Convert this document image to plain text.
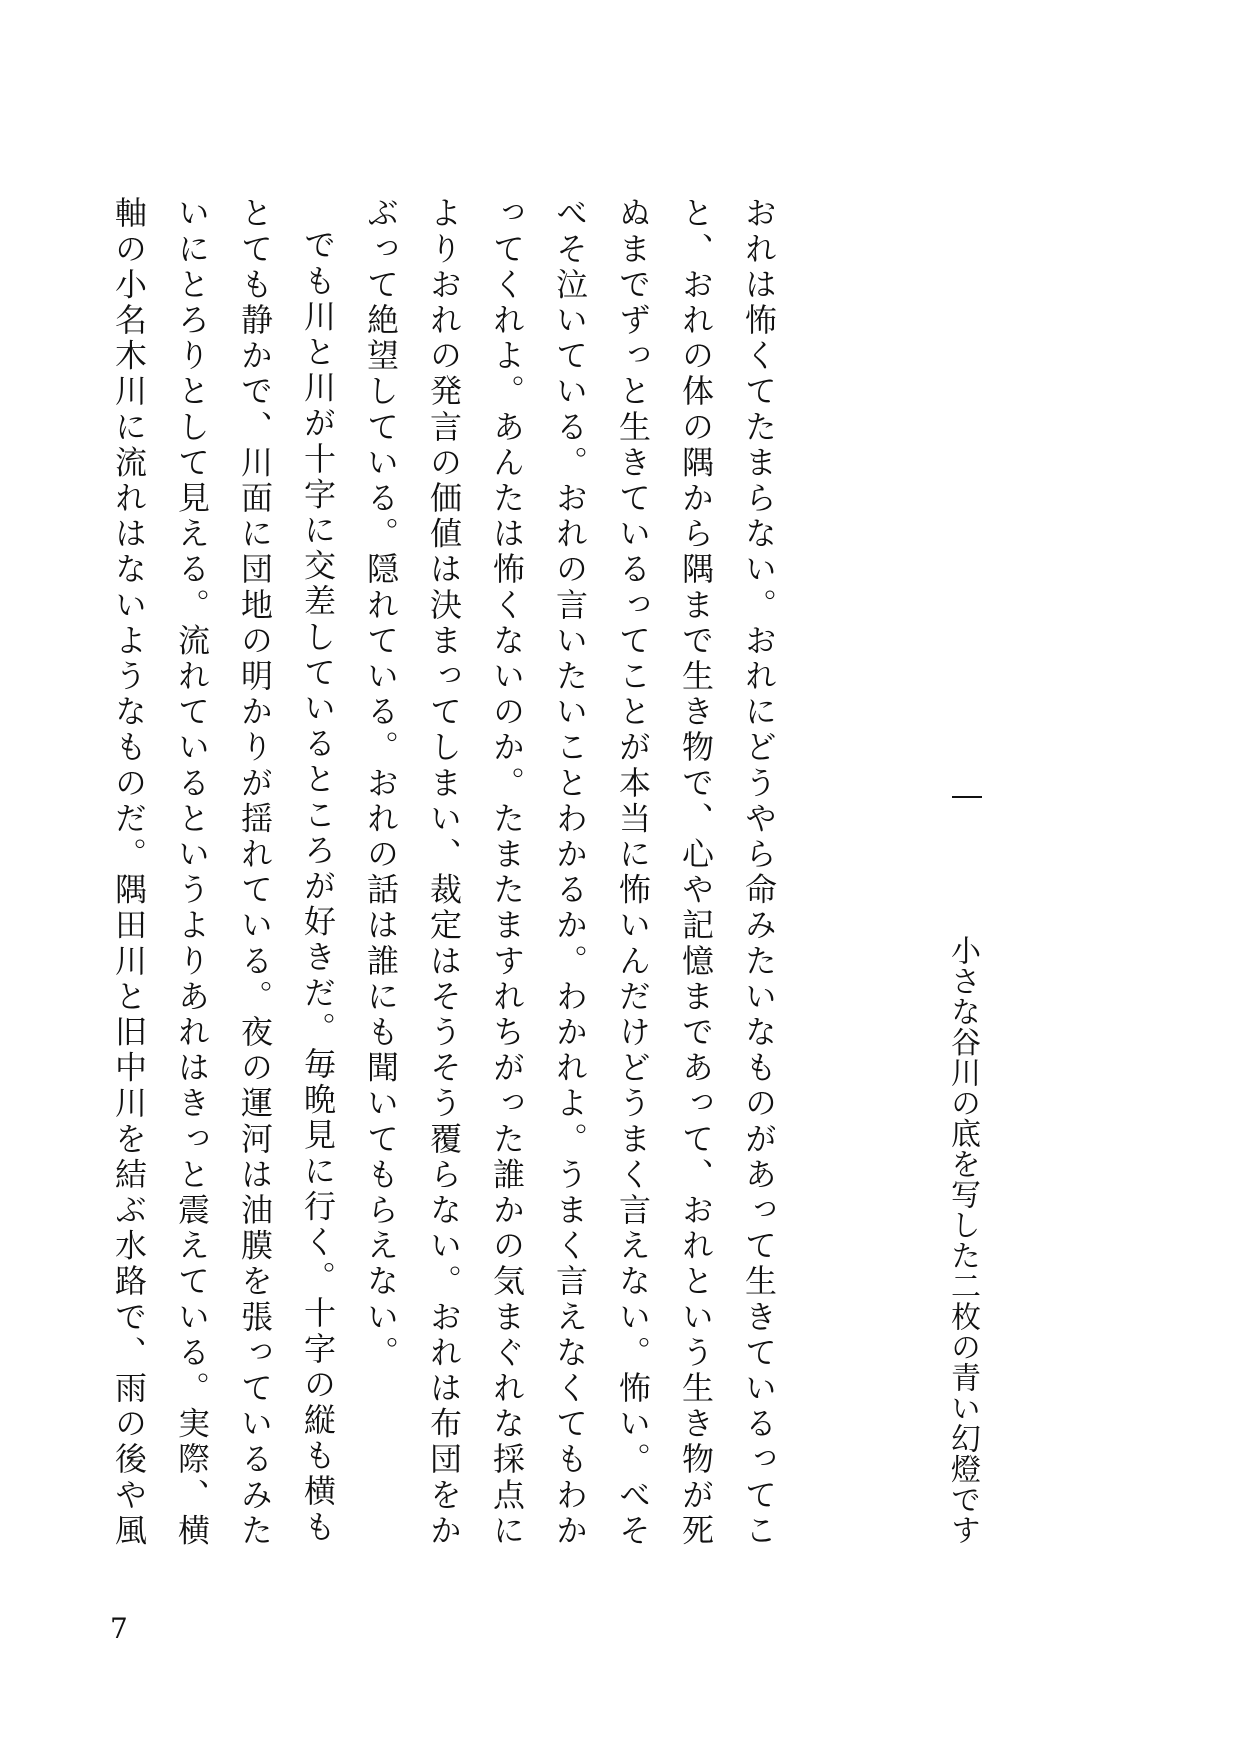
小さな谷川の底を写した二枚の青い幻燈です

おれは怖くてたまらない。おれにどうやら命みたいなものがあって生きているってこと、おれの体の隅から隅まで生き物で、心や記憶まであって、おれという生き物が死ぬまでずっと生きているってことが本当に怖いんだけどうまく言えない。怖い。べそべそ泣いている。おれの言いたいことわかるか。わかれよ。うまく言えなくてもわかってくれよ。あんたは怖くないのか。たまたますれちがった誰かの気まぐれな採点によりおれの発言の価値は決まってしまい、裁定はそうそう覆らない。おれは布団をかぶって絶望している。隠れている。おれの話は誰にも聞いてもらえない。

でも川と川が十字に交差しているところが好きだ。毎晩見に行く。十字の縦も横もとても静かで、川面に団地の明かりが揺れている。夜の運河は油膜を張っているみたいにとろりとして見える。流れているというよりあれはきっと震えている。実際、横軸の小名木川に流れはないようなものだ。隅田川と旧中川を結ぶ水路で、雨の後や風

7
